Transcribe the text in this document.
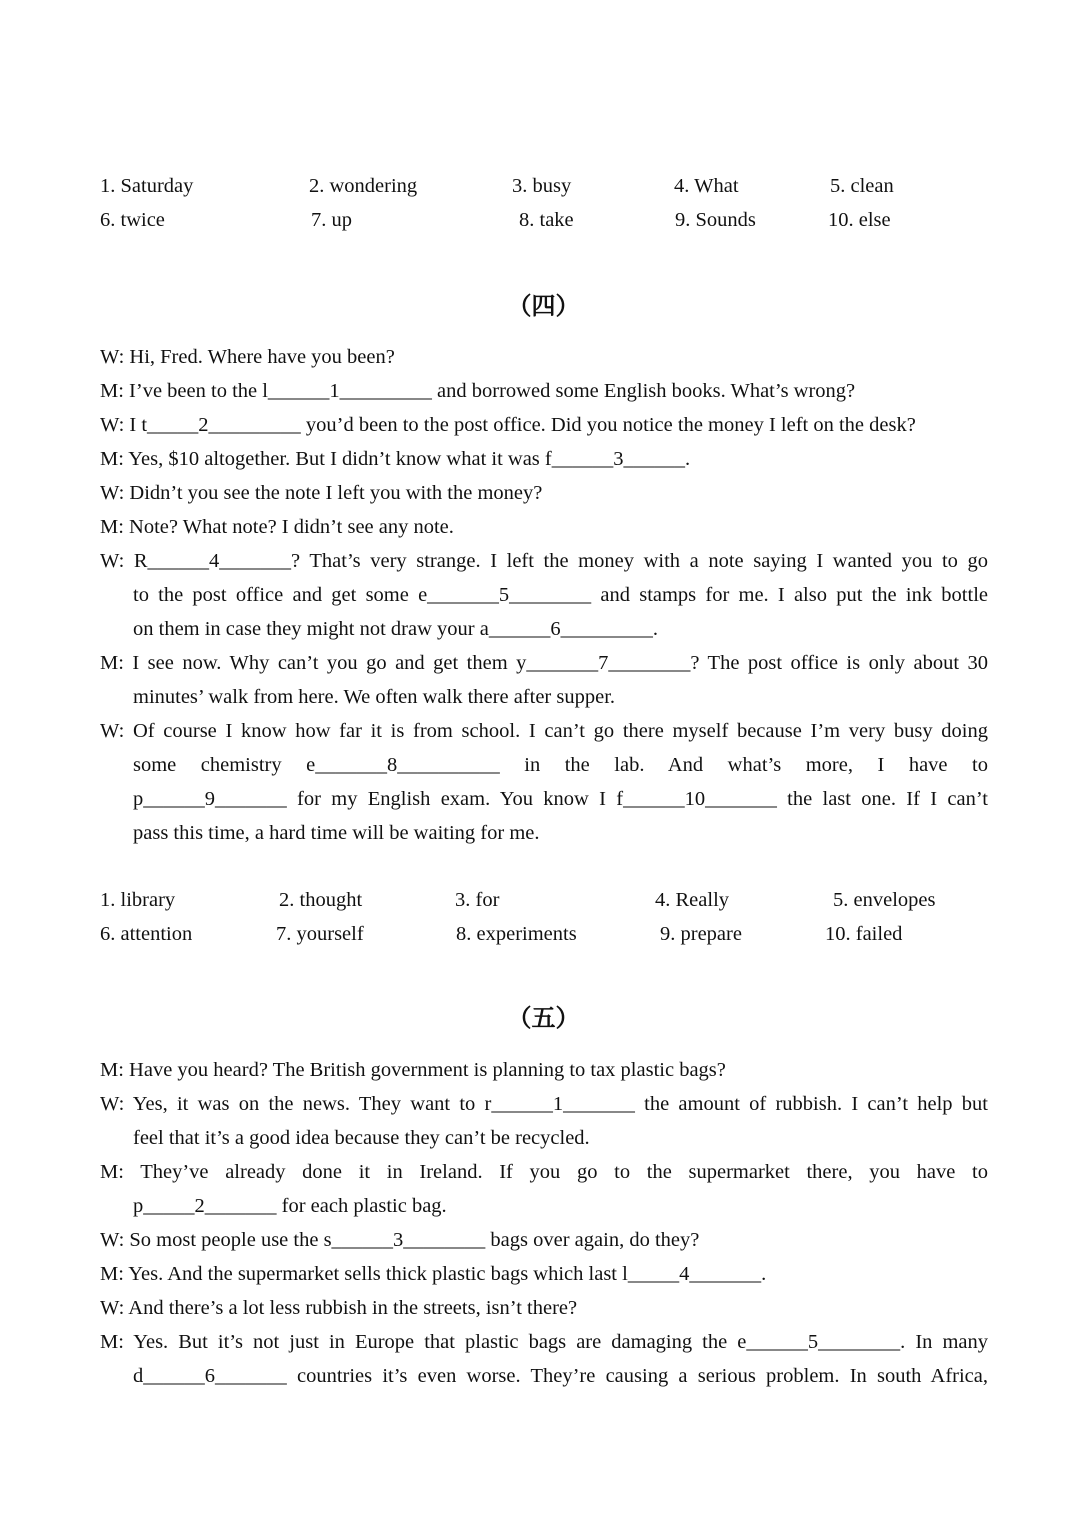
1. Saturday	2. wondering	3. busy	4. What	5. clean
6. twice	7. up	8. take	9. Sounds	10. else
（四）
W: Hi, Fred. Where have you been?
M: I’ve been to the l______1_________ and borrowed some English books. What’s wrong?
W: I t_____2_________ you’d been to the post office. Did you notice the money I left on the desk?
M: Yes, $10 altogether. But I didn’t know what it was f______3______.
W: Didn’t you see the note I left you with the money?
M: Note? What note? I didn’t see any note.
W: R______4_______? That’s very strange. I left the money with a note saying I wanted you to go
to the post office and get some e_______5________ and stamps for me. I also put the ink bottle
on them in case they might not draw your a______6_________.
M: I see now. Why can’t you go and get them y_______7________? The post office is only about 30
minutes’ walk from here. We often walk there after supper.
W: Of course I know how far it is from school. I can’t go there myself because I’m very busy doing
some chemistry e_______8__________ in the lab. And what’s more, I have to
p______9_______ for my English exam. You know I f______10_______ the last one. If I can’t
pass this time, a hard time will be waiting for me.
1. library	2. thought	3. for	4. Really	5. envelopes
6. attention	7. yourself	8. experiments	9. prepare	10. failed
（五）
M: Have you heard? The British government is planning to tax plastic bags?
W: Yes, it was on the news. They want to r______1_______ the amount of rubbish. I can’t help but
feel that it’s a good idea because they can’t be recycled.
M: They’ve already done it in Ireland. If you go to the supermarket there, you have to
p_____2_______ for each plastic bag.
W: So most people use the s______3________ bags over again, do they?
M: Yes. And the supermarket sells thick plastic bags which last l_____4_______.
W: And there’s a lot less rubbish in the streets, isn’t there?
M: Yes. But it’s not just in Europe that plastic bags are damaging the e______5________. In many
d______6_______ countries it’s even worse. They’re causing a serious problem. In south Africa,
